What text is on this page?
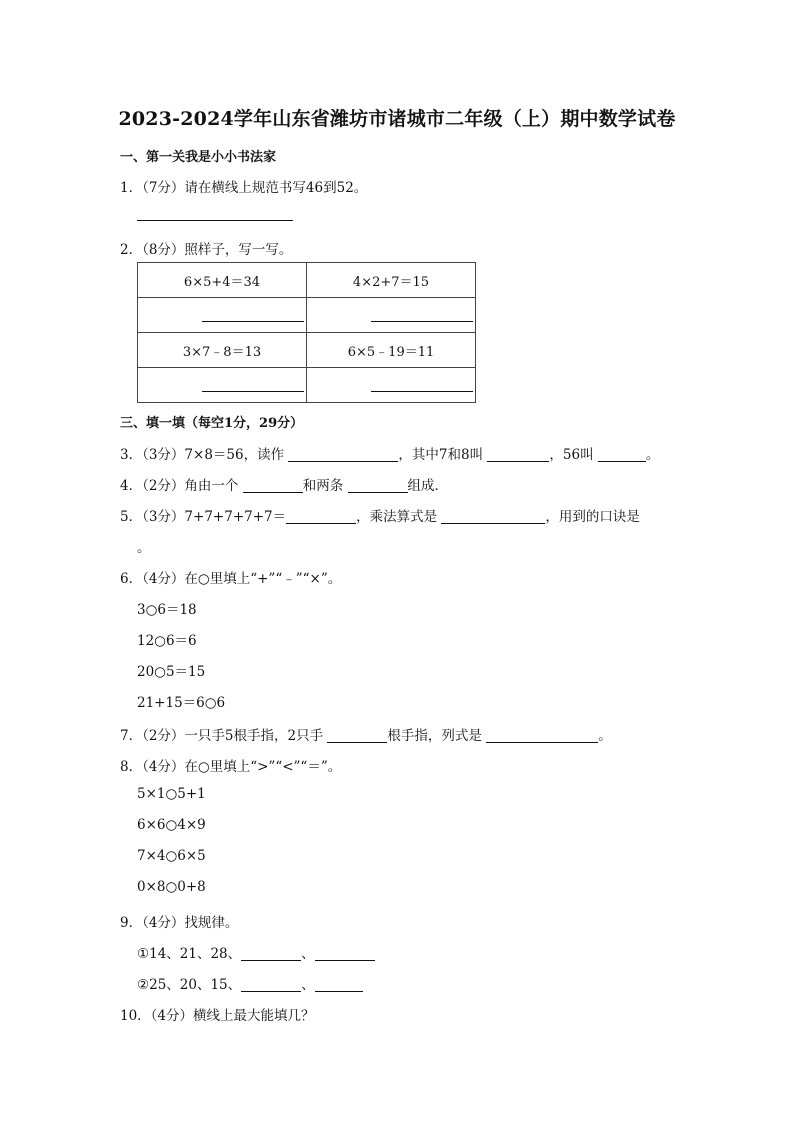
2023-2024学年山东省潍坊市诸城市二年级（上）期中数学试卷
一、第一关我是小小书法家
1．（7分）请在横线上规范书写46到52。
2．（8分）照样子，写一写。
6×5+4＝34	4×2+7＝15

3×7﹣8＝13	6×5﹣19＝11

三、填一填（每空1分，29分）
3．（3分）7×8＝56，读作	，其中7和8叫	，56叫	。
4．（2分）角由一个	和两条	组成．
5．（3分）7+7+7+7+7＝	，乘法算式是	，用到的口诀是
。
6．（4分）在○里填上“+”“﹣”“×”。
3○6＝18
12○6＝6
20○5＝15
21+15＝6○6
7．（2分）一只手5根手指，2只手	根手指，列式是	。
8．（4分）在○里填上“>”“<”“＝”。
5×1○5+1
6×6○4×9
7×4○6×5
0×8○0+8
9．（4分）找规律。
①14、21、28、	、
②25、20、15、	、
10．（4分）横线上最大能填几？
